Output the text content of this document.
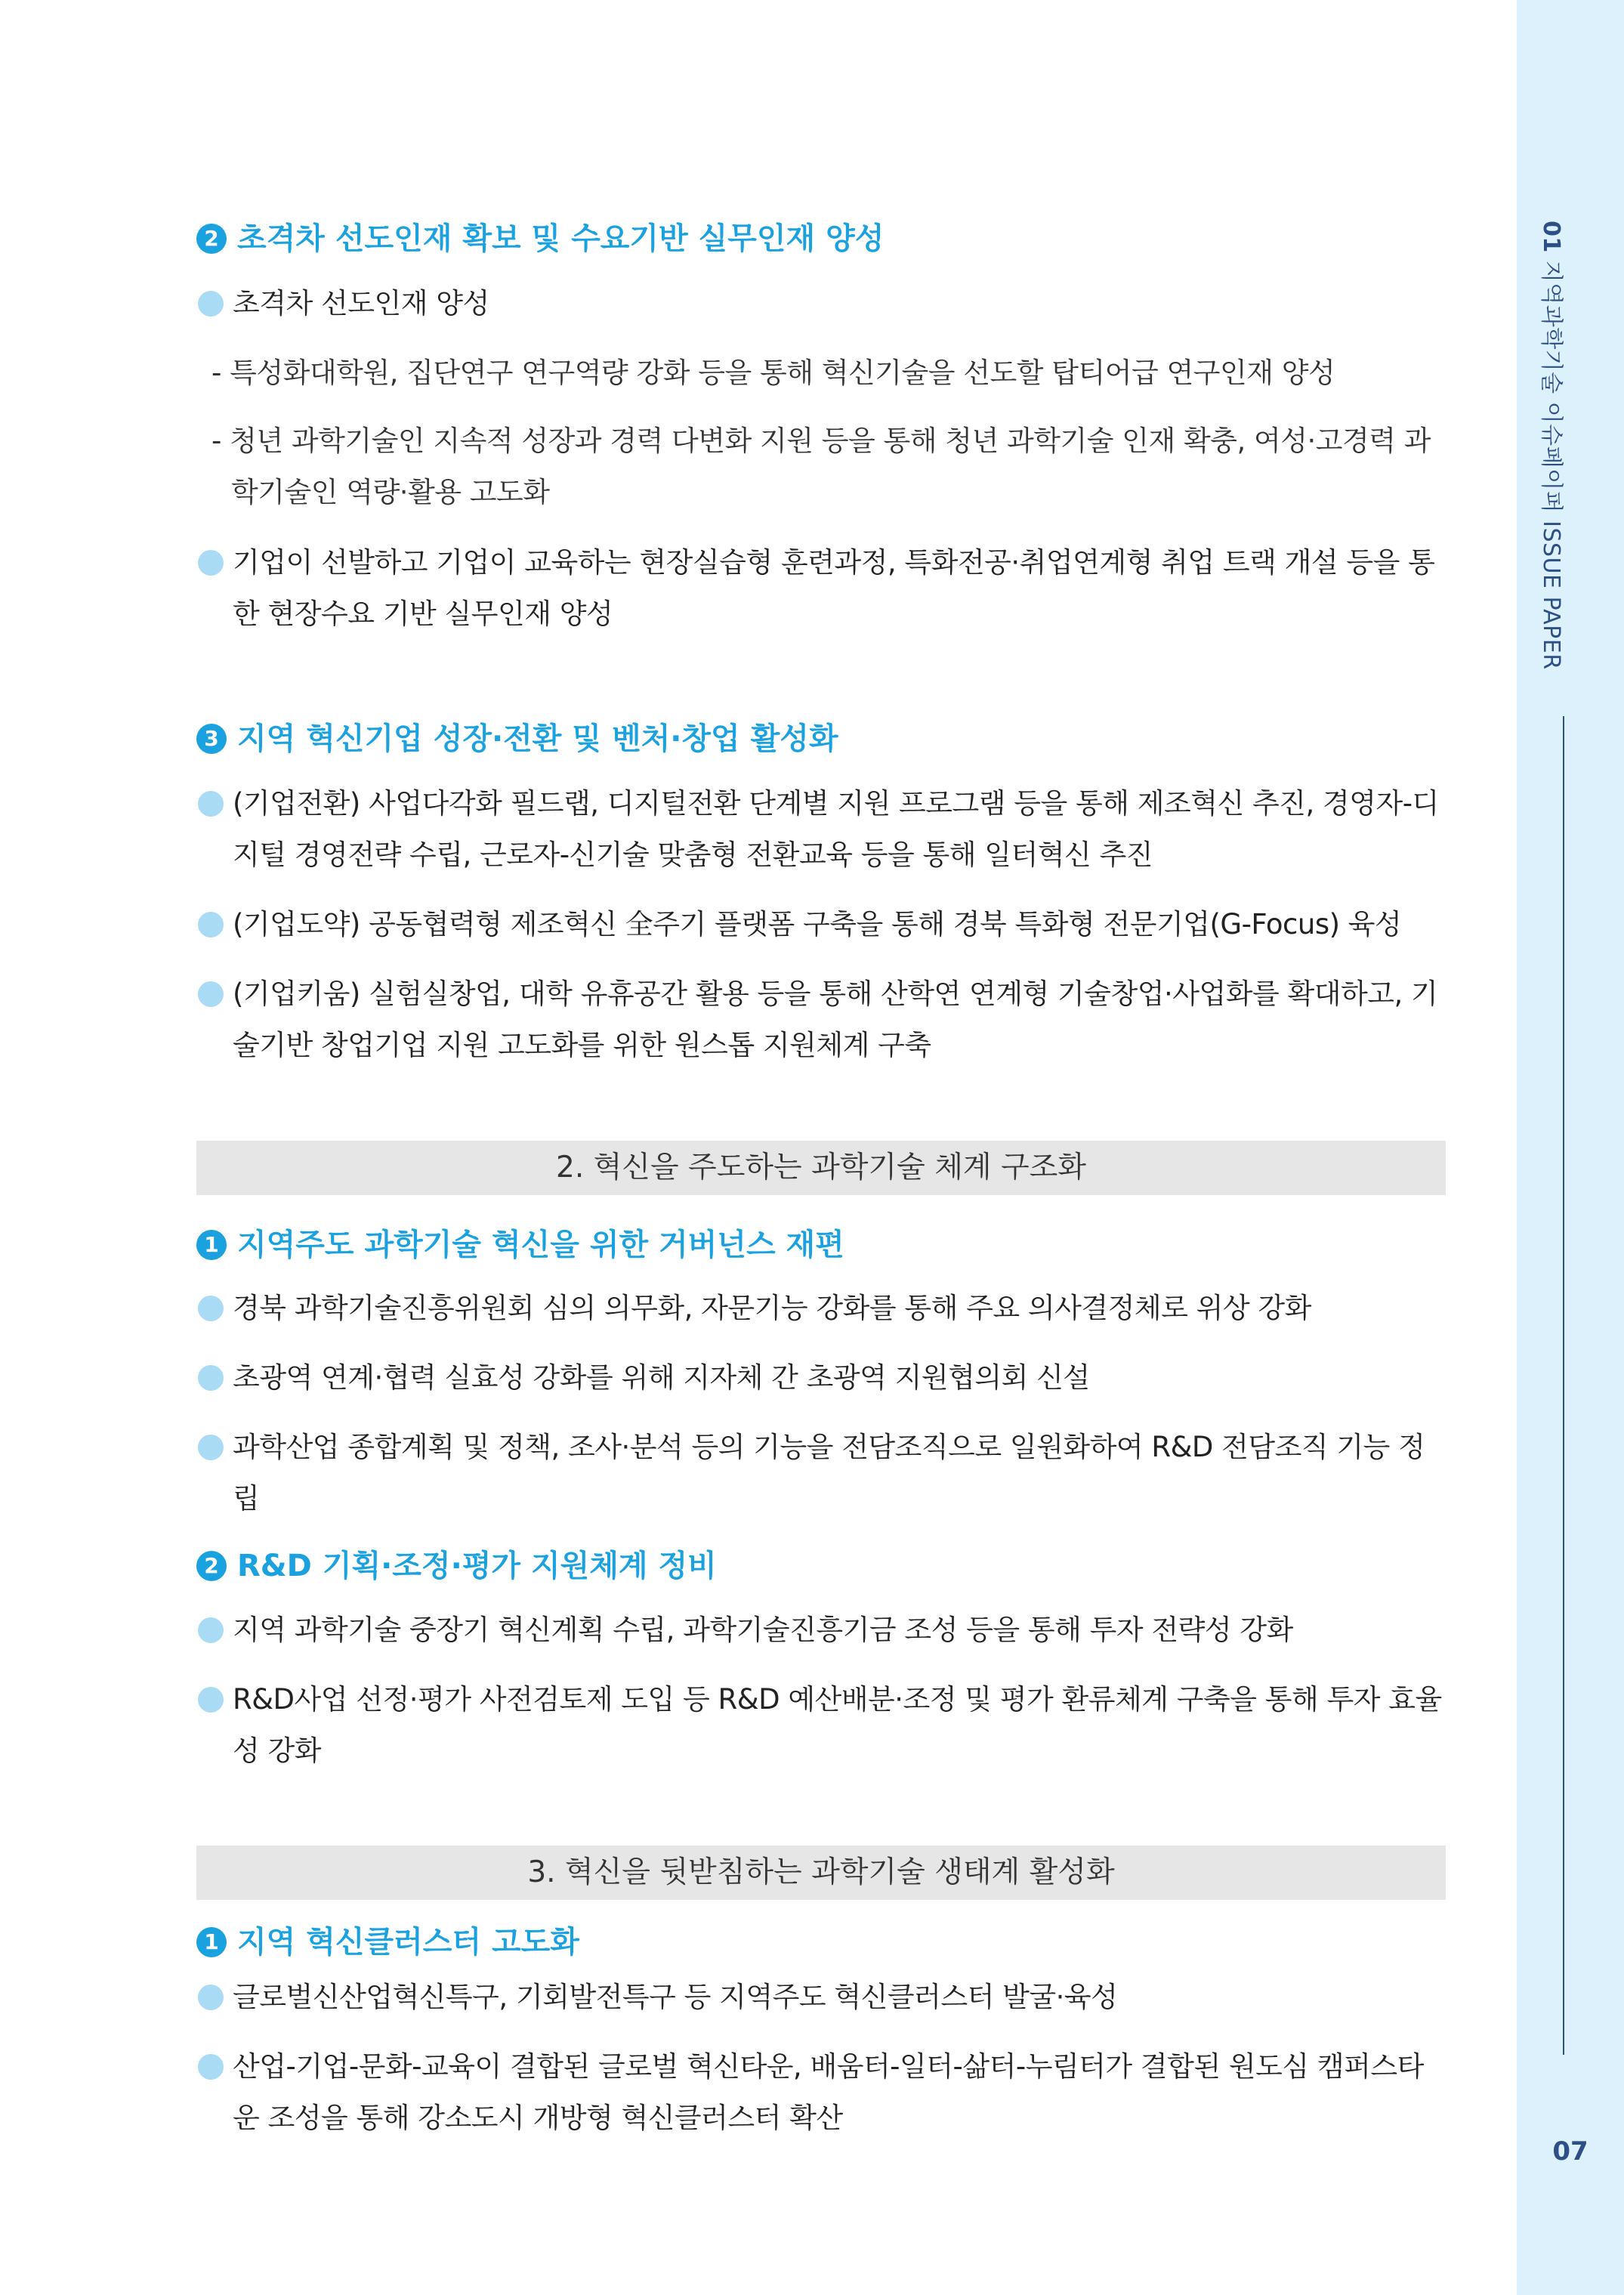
01지역과학기술 이슈페이퍼 ISSUE PAPER
07
2 초격차 선도인재 확보 및 수요기반 실무인재 양성
초격차 선도인재 양성
- 특성화대학원, 집단연구 연구역량 강화 등을 통해 혁신기술을 선도할 탑티어급 연구인재 양성
- 청년 과학기술인 지속적 성장과 경력 다변화 지원 등을 통해 청년 과학기술 인재 확충, 여성·고경력 과학기술인 역량·활용 고도화
기업이 선발하고 기업이 교육하는 현장실습형 훈련과정, 특화전공·취업연계형 취업 트랙 개설 등을 통한 현장수요 기반 실무인재 양성
3 지역 혁신기업 성장·전환 및 벤처·창업 활성화
(기업전환) 사업다각화 필드랩, 디지털전환 단계별 지원 프로그램 등을 통해 제조혁신 추진, 경영자-디지털 경영전략 수립, 근로자-신기술 맞춤형 전환교육 등을 통해 일터혁신 추진
(기업도약) 공동협력형 제조혁신 全주기 플랫폼 구축을 통해 경북 특화형 전문기업(G-Focus) 육성
(기업키움) 실험실창업, 대학 유휴공간 활용 등을 통해 산학연 연계형 기술창업·사업화를 확대하고, 기술기반 창업기업 지원 고도화를 위한 원스톱 지원체계 구축
2. 혁신을 주도하는 과학기술 체계 구조화
1 지역주도 과학기술 혁신을 위한 거버넌스 재편
경북 과학기술진흥위원회 심의 의무화, 자문기능 강화를 통해 주요 의사결정체로 위상 강화
초광역 연계·협력 실효성 강화를 위해 지자체 간 초광역 지원협의회 신설
과학산업 종합계획 및 정책, 조사·분석 등의 기능을 전담조직으로 일원화하여 R&D 전담조직 기능 정립
2 R&D 기획·조정·평가 지원체계 정비
지역 과학기술 중장기 혁신계획 수립, 과학기술진흥기금 조성 등을 통해 투자 전략성 강화
R&D사업 선정·평가 사전검토제 도입 등 R&D 예산배분·조정 및 평가 환류체계 구축을 통해 투자 효율성 강화
3. 혁신을 뒷받침하는 과학기술 생태계 활성화
1 지역 혁신클러스터 고도화
글로벌신산업혁신특구, 기회발전특구 등 지역주도 혁신클러스터 발굴·육성
산업-기업-문화-교육이 결합된 글로벌 혁신타운, 배움터-일터-삶터-누림터가 결합된 원도심 캠퍼스타운 조성을 통해 강소도시 개방형 혁신클러스터 확산
